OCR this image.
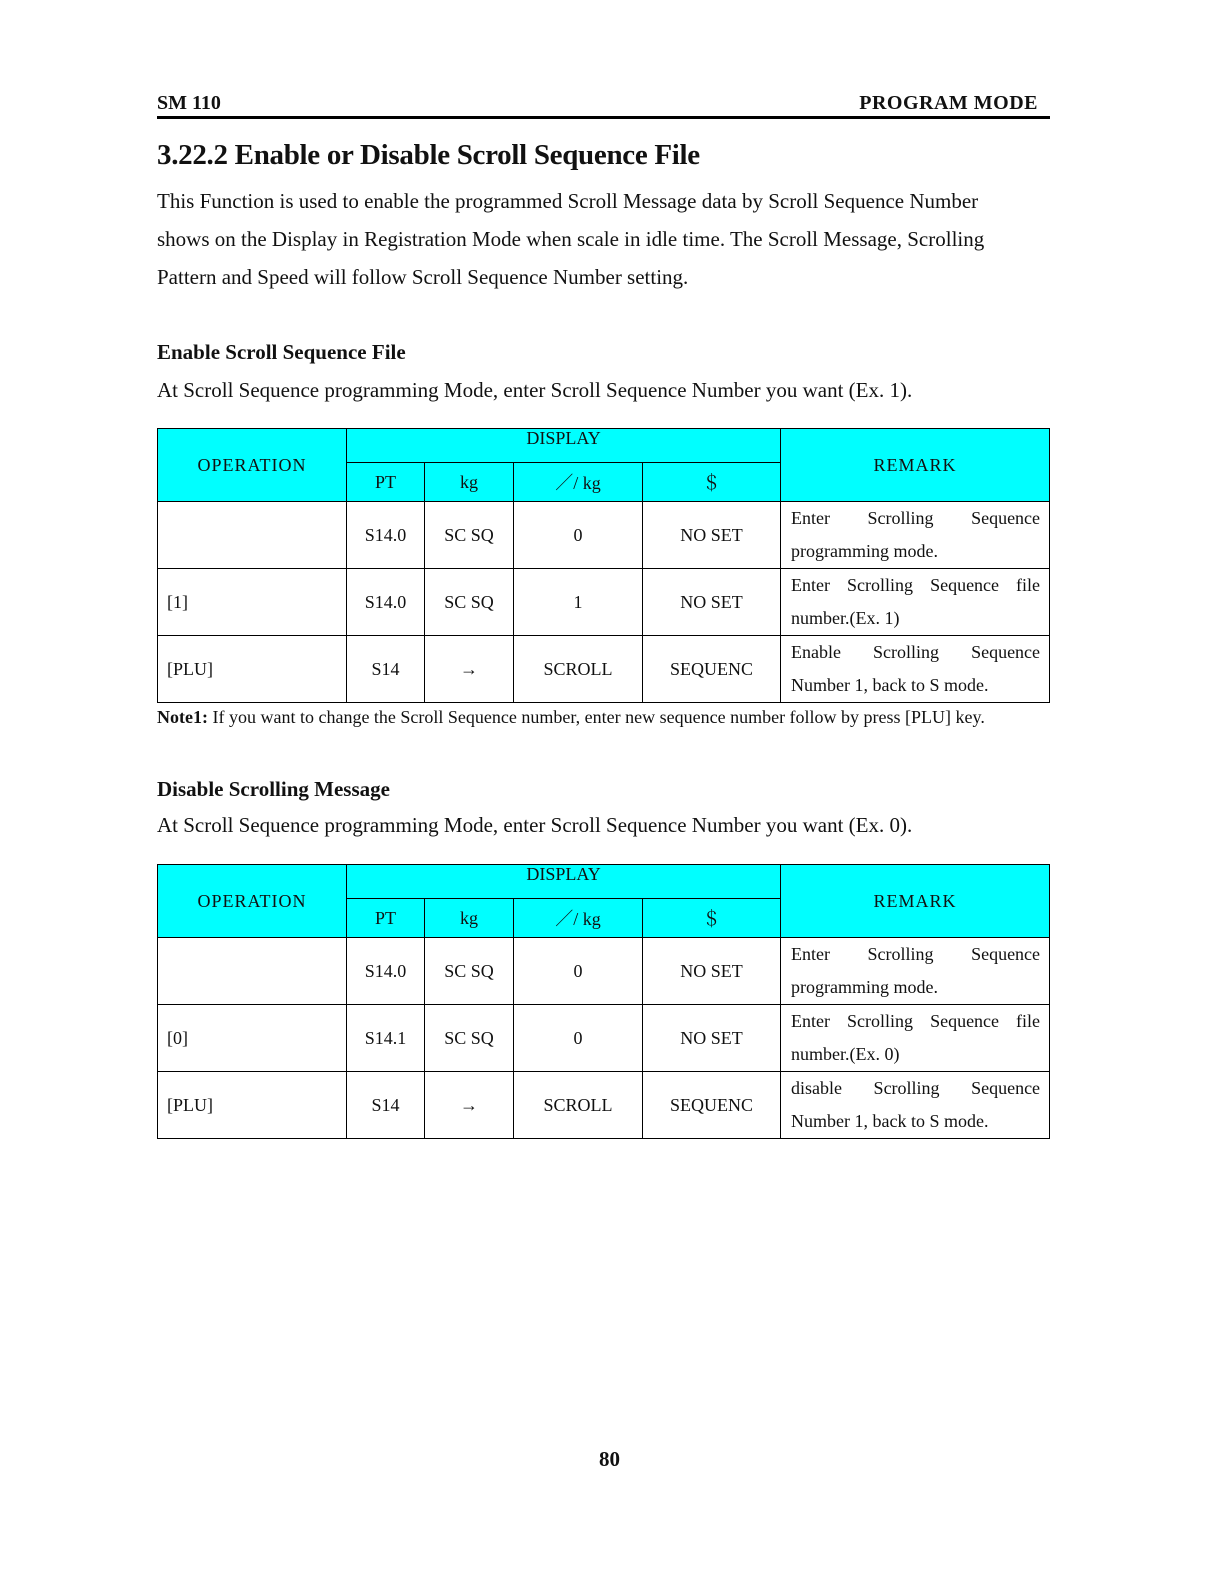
SM 110	PROGRAM MODE
3.22.2 Enable or Disable Scroll Sequence File

This Function is used to enable the programmed Scroll Message data by Scroll Sequence Number shows on the Display in Registration Mode when scale in idle time. The Scroll Message, Scrolling Pattern and Speed will follow Scroll Sequence Number setting.

Enable Scroll Sequence File

At Scroll Sequence programming Mode, enter Scroll Sequence Number you want (Ex. 1).

OPERATION	DISPLAY				REMARK
	PT	kg	／/ kg	＄	
	S14.0	SC SQ	0	NO SET	Enter Scrolling Sequence programming mode.
[1]	S14.0	SC SQ	1	NO SET	Enter Scrolling Sequence file number.(Ex. 1)
[PLU]	S14	→	SCROLL	SEQUENC	Enable Scrolling Sequence Number 1, back to S mode.

Note1: If you want to change the Scroll Sequence number, enter new sequence number follow by press [PLU] key.

Disable Scrolling Message

At Scroll Sequence programming Mode, enter Scroll Sequence Number you want (Ex. 0).

OPERATION	DISPLAY				REMARK
	PT	kg	／/ kg	＄	
	S14.0	SC SQ	0	NO SET	Enter Scrolling Sequence programming mode.
[0]	S14.1	SC SQ	0	NO SET	Enter Scrolling Sequence file number.(Ex. 0)
[PLU]	S14	→	SCROLL	SEQUENC	disable Scrolling Sequence Number 1, back to S mode.
80
